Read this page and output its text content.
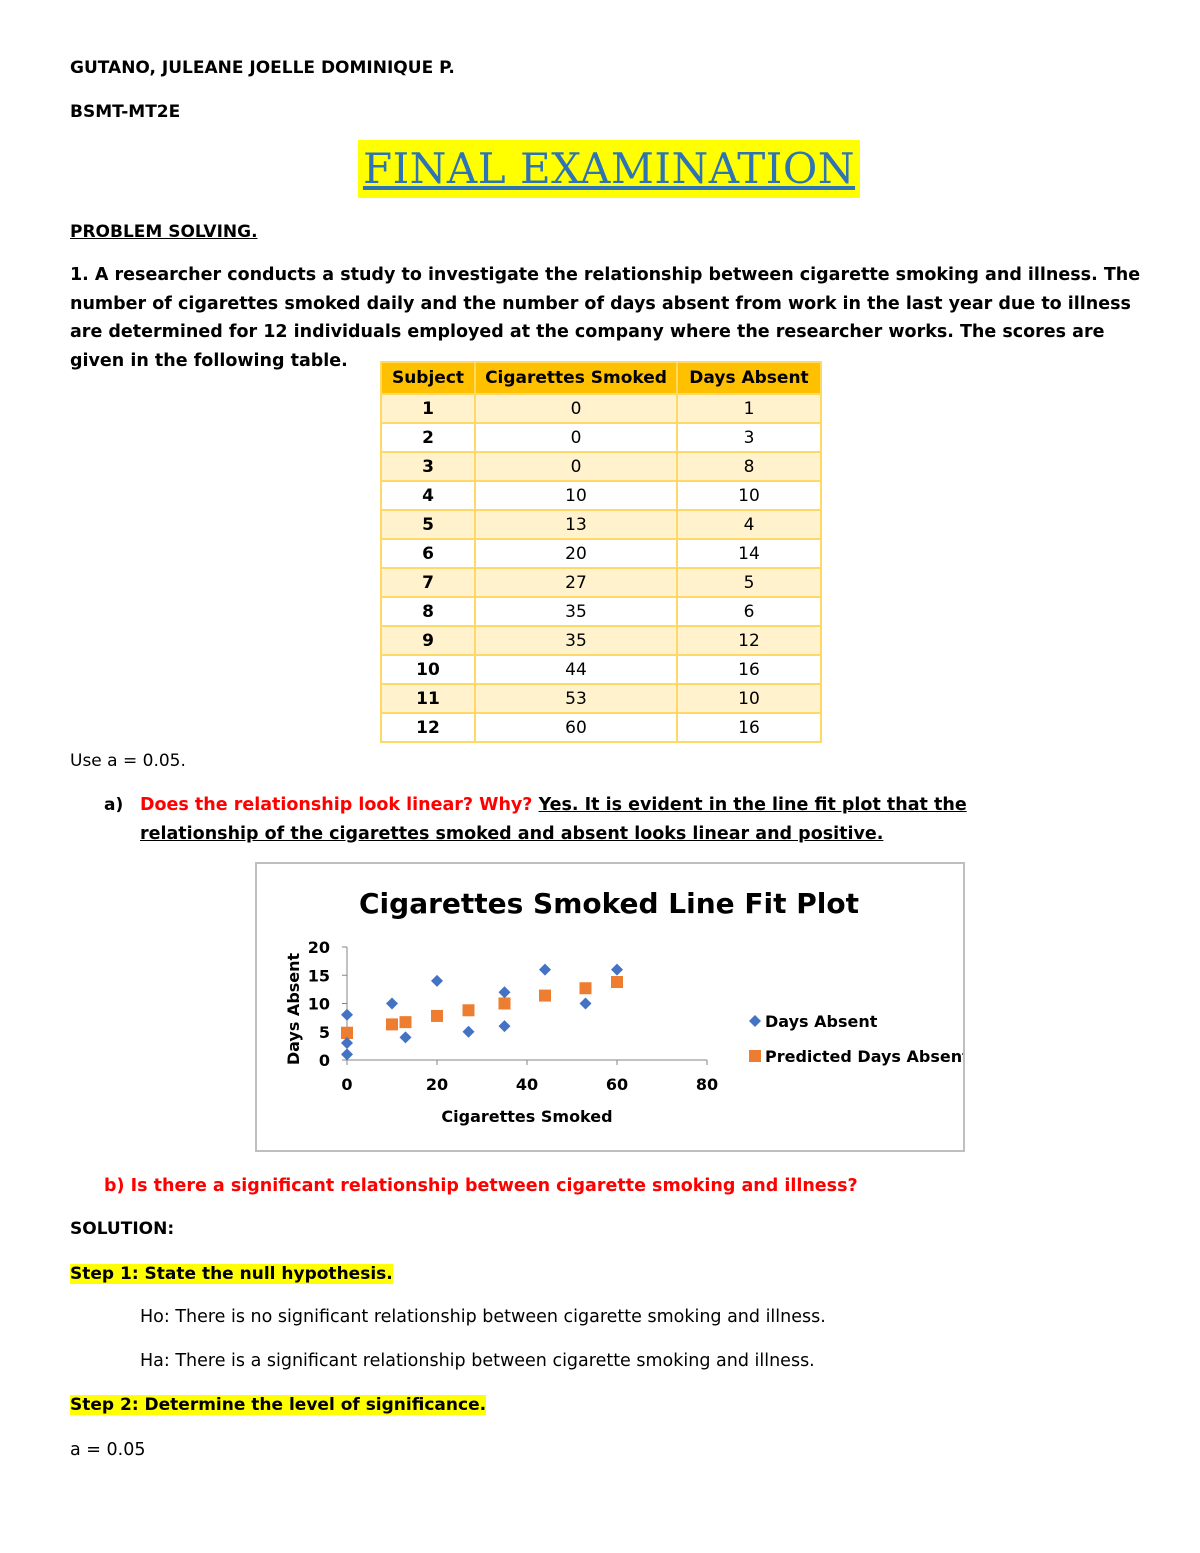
GUTANO, JULEANE JOELLE DOMINIQUE P.
BSMT-MT2E
FINAL EXAMINATION
PROBLEM SOLVING.
1. A researcher conducts a study to investigate the relationship between cigarette smoking and illness. The number of cigarettes smoked daily and the number of days absent from work in the last year due to illness are determined for 12 individuals employed at the company where the researcher works. The scores are given in the following table.
Subject	Cigarettes Smoked	Days Absent
1	0	1
2	0	3
3	0	8
4	10	10
5	13	4
6	20	14
7	27	5
8	35	6
9	35	12
10	44	16
11	53	10
12	60	16
Use a = 0.05.
a) Does the relationship look linear? Why? Yes. It is evident in the line fit plot that the relationship of the cigarettes smoked and absent looks linear and positive.
Cigarettes Smoked Line Fit Plot
0
5
10
15
20
0	20	40	60	80
Cigarettes Smoked
Days Absent	Days Absent
Predicted Days Absent
b) Is there a significant relationship between cigarette smoking and illness?
SOLUTION:
Step 1: State the null hypothesis.
Ho: There is no significant relationship between cigarette smoking and illness.
Ha: There is a significant relationship between cigarette smoking and illness.
Step 2: Determine the level of significance.
a = 0.05
